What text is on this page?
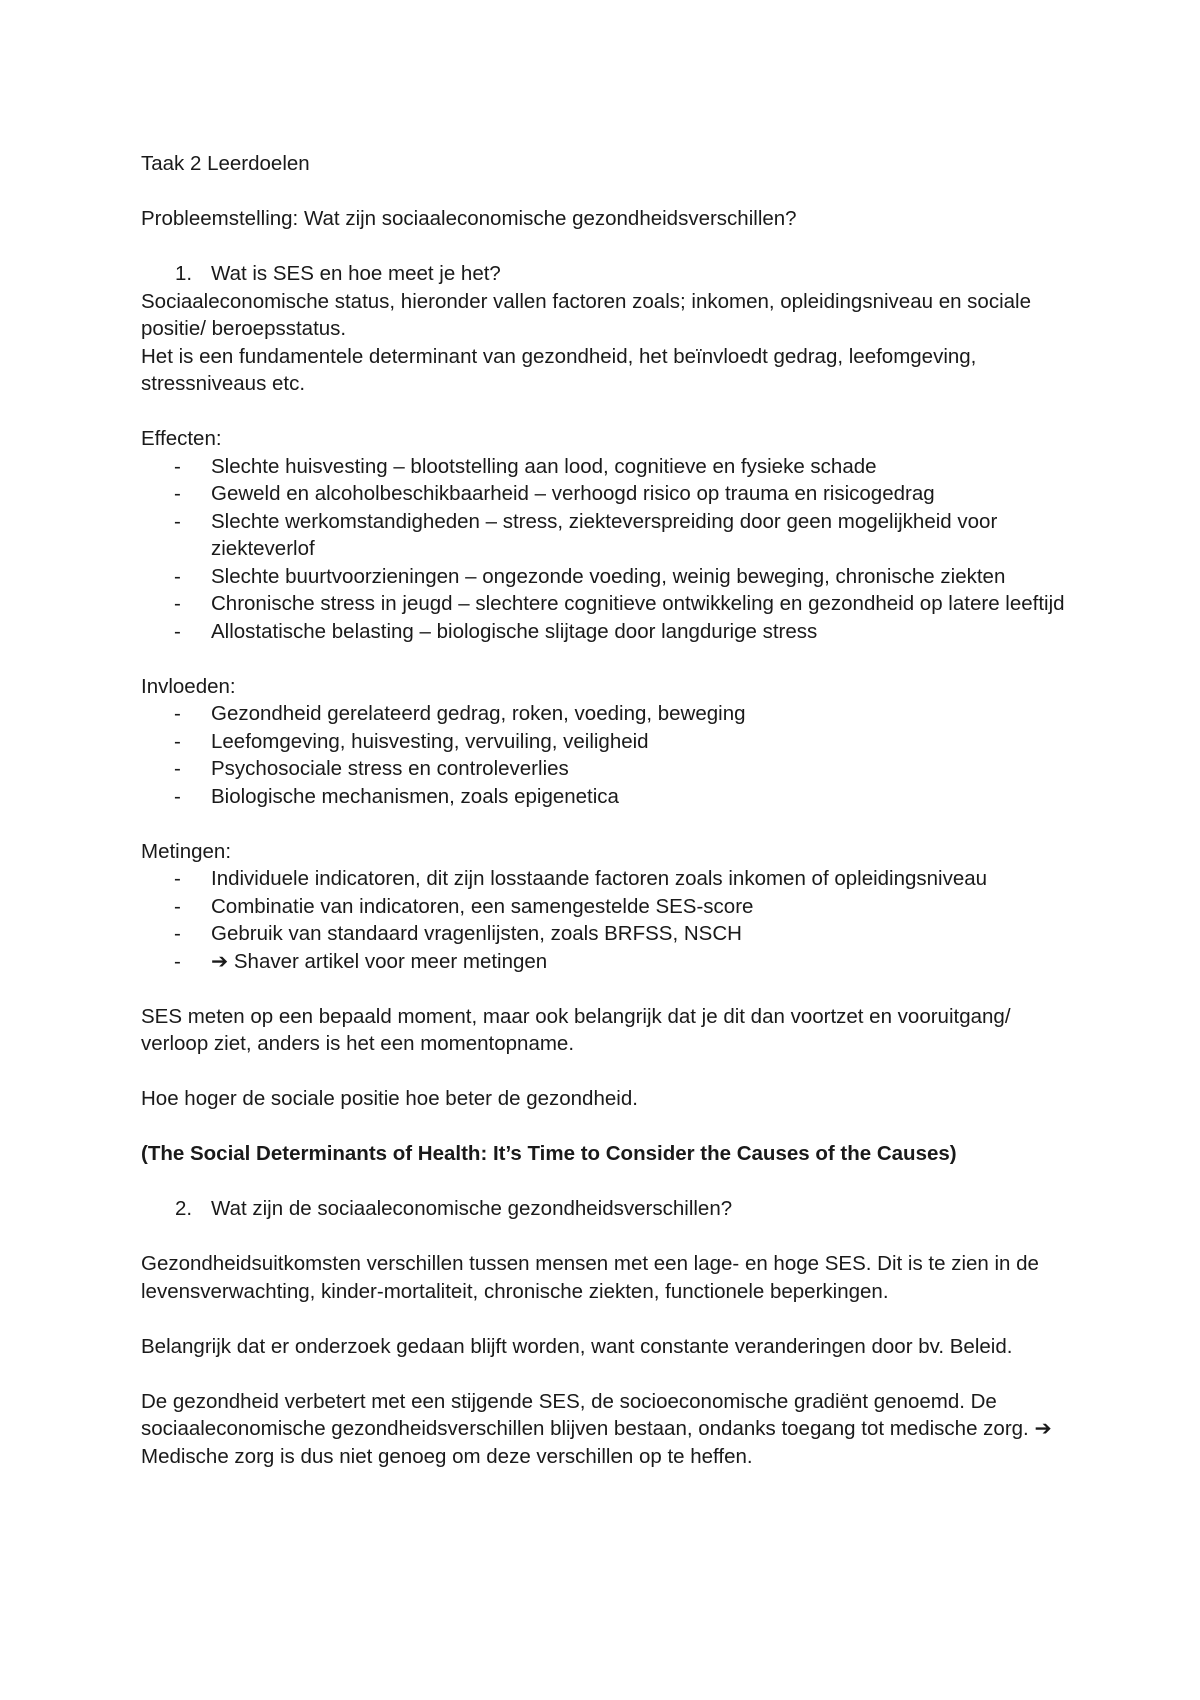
Taak 2 Leerdoelen

Probleemstelling: Wat zijn sociaaleconomische gezondheidsverschillen?

1. Wat is SES en hoe meet je het?

Sociaaleconomische status, hieronder vallen factoren zoals; inkomen, opleidingsniveau en sociale positie/ beroepsstatus.

Het is een fundamentele determinant van gezondheid, het beïnvloedt gedrag, leefomgeving, stressniveaus etc.

Effecten:

-	Slechte huisvesting – blootstelling aan lood, cognitieve en fysieke schade
-	Geweld en alcoholbeschikbaarheid – verhoogd risico op trauma en risicogedrag
-	Slechte werkomstandigheden – stress, ziekteverspreiding door geen mogelijkheid voor ziekteverlof
-	Slechte buurtvoorzieningen – ongezonde voeding, weinig beweging, chronische ziekten
-	Chronische stress in jeugd – slechtere cognitieve ontwikkeling en gezondheid op latere leeftijd
-	Allostatische belasting – biologische slijtage door langdurige stress

Invloeden:

-	Gezondheid gerelateerd gedrag, roken, voeding, beweging
-	Leefomgeving, huisvesting, vervuiling, veiligheid
-	Psychosociale stress en controleverlies
-	Biologische mechanismen, zoals epigenetica

Metingen:

-	Individuele indicatoren, dit zijn losstaande factoren zoals inkomen of opleidingsniveau
-	Combinatie van indicatoren, een samengestelde SES-score
-	Gebruik van standaard vragenlijsten, zoals BRFSS, NSCH
-	➔ Shaver artikel voor meer metingen

SES meten op een bepaald moment, maar ook belangrijk dat je dit dan voortzet en vooruitgang/ verloop ziet, anders is het een momentopname.

Hoe hoger de sociale positie hoe beter de gezondheid.

(The Social Determinants of Health: It’s Time to Consider the Causes of the Causes)

2. Wat zijn de sociaaleconomische gezondheidsverschillen?

Gezondheidsuitkomsten verschillen tussen mensen met een lage- en hoge SES. Dit is te zien in de levensverwachting, kinder-mortaliteit, chronische ziekten, functionele beperkingen.

Belangrijk dat er onderzoek gedaan blijft worden, want constante veranderingen door bv. Beleid.

De gezondheid verbetert met een stijgende SES, de socioeconomische gradiënt genoemd. De sociaaleconomische gezondheidsverschillen blijven bestaan, ondanks toegang tot medische zorg. ➔ Medische zorg is dus niet genoeg om deze verschillen op te heffen.
